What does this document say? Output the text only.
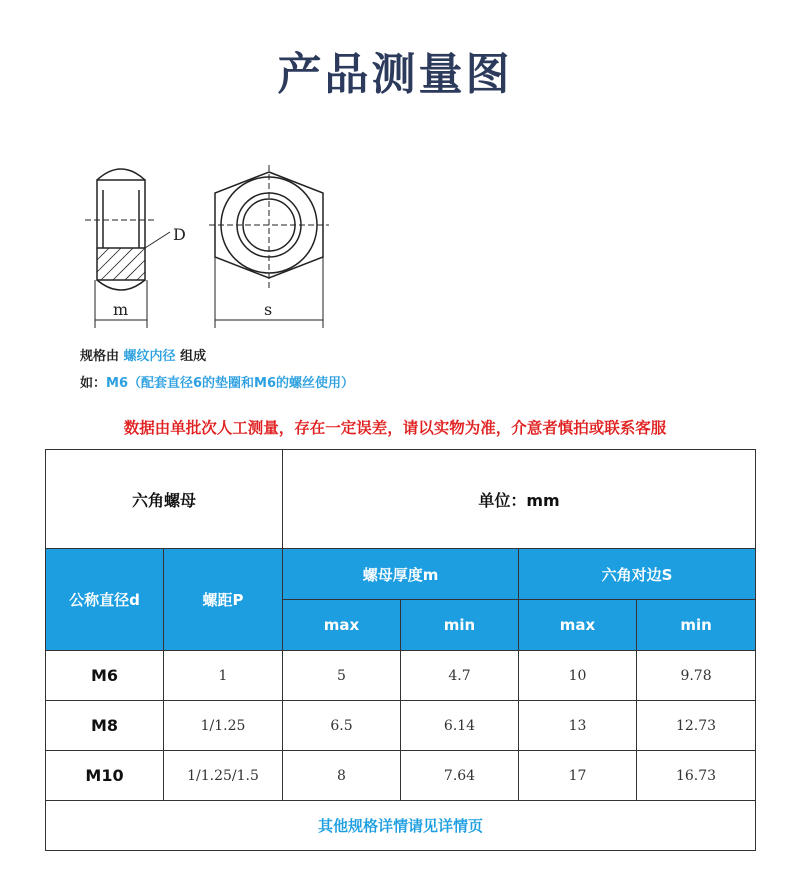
产品测量图
D
m	s
规格由 螺纹内径 组成
如：M6（配套直径6的垫圈和M6的螺丝使用）
数据由单批次人工测量，存在一定误差，请以实物为准，介意者慎拍或联系客服
六角螺母		单位：mm			
公称直径d	螺距P	螺母厚度m		六角对边S	
		max	min	max	min
M6	1	5	4.7	10	9.78
M8	1/1.25	6.5	6.14	13	12.73
M10	1/1.25/1.5	8	7.64	17	16.73
其他规格详情请见详情页					
